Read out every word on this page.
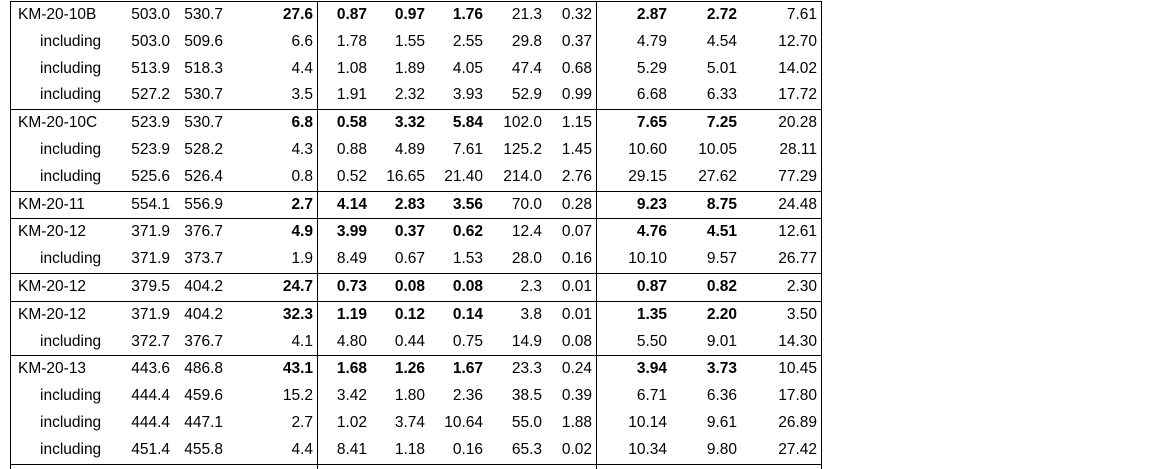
KM-20-10B	503.0 530.7	27.6	0.87	0.97	1.76	21.3	0.32	2.87	2.72	7.61
including	503.0 509.6	6.6	1.78	1.55	2.55	29.8	0.37	4.79	4.54	12.70
including	513.9 518.3	4.4	1.08	1.89	4.05	47.4	0.68	5.29	5.01	14.02
including	527.2 530.7	3.5	1.91	2.32	3.93	52.9	0.99	6.68	6.33	17.72
KM-20-10C	523.9 530.7	6.8	0.58	3.32	5.84	102.0	1.15	7.65	7.25	20.28
including	523.9 528.2	4.3	0.88	4.89	7.61	125.2	1.45	10.60	10.05	28.11
including	525.6 526.4	0.8	0.52	16.65	21.40	214.0	2.76	29.15	27.62	77.29
KM-20-11	554.1 556.9	2.7	4.14	2.83	3.56	70.0	0.28	9.23	8.75	24.48
KM-20-12	371.9 376.7	4.9	3.99	0.37	0.62	12.4	0.07	4.76	4.51	12.61
including	371.9 373.7	1.9	8.49	0.67	1.53	28.0	0.16	10.10	9.57	26.77
KM-20-12	379.5 404.2	24.7	0.73	0.08	0.08	2.3	0.01	0.87	0.82	2.30
KM-20-12	371.9 404.2	32.3	1.19	0.12	0.14	3.8	0.01	1.35	2.20	3.50
including	372.7 376.7	4.1	4.80	0.44	0.75	14.9	0.08	5.50	9.01	14.30
KM-20-13	443.6 486.8	43.1	1.68	1.26	1.67	23.3	0.24	3.94	3.73	10.45
including	444.4 459.6	15.2	3.42	1.80	2.36	38.5	0.39	6.71	6.36	17.80
including	444.4 447.1	2.7	1.02	3.74	10.64	55.0	1.88	10.14	9.61	26.89
including	451.4 455.8	4.4	8.41	1.18	0.16	65.3	0.02	10.34	9.80	27.42
